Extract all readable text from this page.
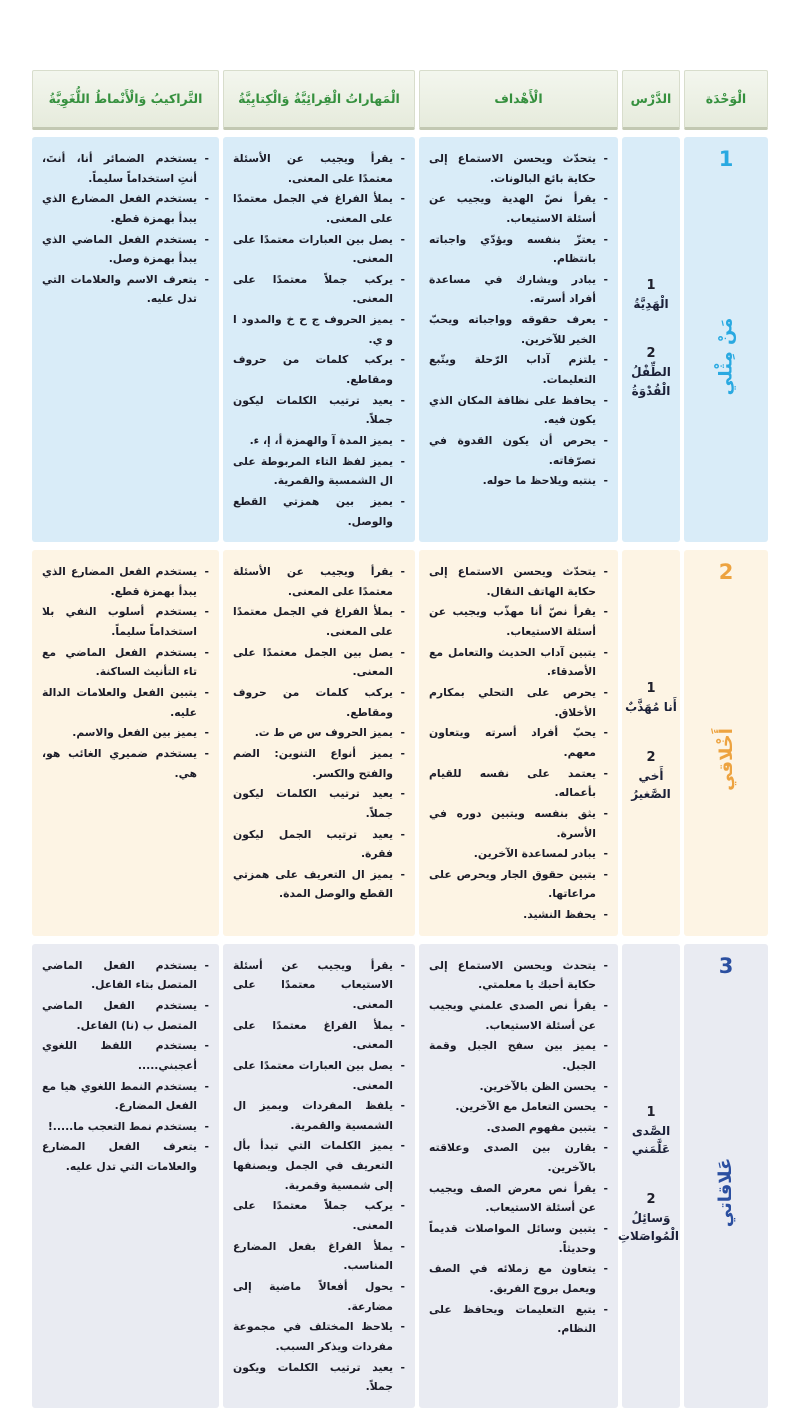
الْوَحْدَة
الدَّرْس
الْأَهْداف
الْمَهاراتُ الْقِرائِيَّةُ وَالْكِتابِيَّةُ
التَّراكيبُ وَالْأَنْماطُ اللُّغَوِيَّةُ
1
مَنْ مِثْلي
1
الْهَدِيَّةُ
2
الطِّفْلُ الْقُدْوَةُ
- يتحدّث ويحسن الاستماع إلى حكاية بائع البالونات.
- يقرأ نصّ الهدية ويجيب عن أسئلة الاستيعاب.
- يعتزّ بنفسه ويؤدّي واجباته بانتظام.
- يبادر ويشارك في مساعدة أفراد أسرته.
- يعرف حقوقه وواجباته ويحبّ الخير للآخرين.
- يلتزم آداب الرّحلة ويتّبع التعليمات.
- يحافظ على نظافة المكان الذي يكون فيه.
- يحرص أن يكون القدوة في تصرّفاته.
- ينتبه ويلاحظ ما حوله.
- يقرأ ويجيب عن الأسئلة معتمدًا على المعنى.
- يملأ الفراغ في الجمل معتمدًا على المعنى.
- يصل بين العبارات معتمدًا على المعنى.
- يركب جملاً معتمدًا على المعنى.
- يميز الحروف ج ح خ والمدود ا و ي.
- يركب كلمات من حروف ومقاطع.
- يعيد ترتيب الكلمات ليكون جملاً.
- يميز المدة آ والهمزة أ، إ، ء.
- يميز لفظ التاء المربوطة على ال الشمسية والقمرية.
- يميز بين همزتي القطع والوصل.
- يستخدم الضمائر أنا، أنتَ، أنتِ استخداماً سليماً.
- يستخدم الفعل المضارع الذي يبدأ بهمزة قطع.
- يستخدم الفعل الماضي الذي يبدأ بهمزة وصل.
- يتعرف الاسم والعلامات التي تدل عليه.
2
أَخْلاقي
1
أَنا مُهَذَّبٌ
2
أَخي الصَّغيرُ
- يتحدّث ويحسن الاستماع إلى حكاية الهاتف النقال.
- يقرأ نصّ أنا مهذّب ويجيب عن أسئلة الاستيعاب.
- يتبين آداب الحديث والتعامل مع الأصدقاء.
- يحرص على التحلي بمكارم الأخلاق.
- يحبّ أفراد أسرته ويتعاون معهم.
- يعتمد على نفسه للقيام بأعماله.
- يثق بنفسه ويتبين دوره في الأسرة.
- يبادر لمساعدة الآخرين.
- يتبين حقوق الجار ويحرص على مراعاتها.
- يحفظ النشيد.
- يقرأ ويجيب عن الأسئلة معتمدًا على المعنى.
- يملأ الفراغ في الجمل معتمدًا على المعنى.
- يصل بين الجمل معتمدًا على المعنى.
- يركب كلمات من حروف ومقاطع.
- يميز الحروف س ص ط ت.
- يميز أنواع التنوين: الضم والفتح والكسر.
- يعيد ترتيب الكلمات ليكون جملاً.
- يعيد ترتيب الجمل ليكون فقرة.
- يميز ال التعريف على همزتي القطع والوصل المدة.
- يستخدم الفعل المضارع الذي يبدأ بهمزة قطع.
- يستخدم أسلوب النفي بلا استخداماً سليماً.
- يستخدم الفعل الماضي مع تاء التأنيث الساكنة.
- يتبين الفعل والعلامات الدالة عليه.
- يميز بين الفعل والاسم.
- يستخدم ضميري الغائب هو، هي.
3
عَلاقاتي
1
الصَّدى عَلَّمَني
2
وَسائِلُ الْمُواصَلاتِ
- يتحدث ويحسن الاستماع إلى حكاية أحبك يا معلمتي.
- يقرأ نص الصدى علمني ويجيب عن أسئلة الاستيعاب.
- يميز بين سفح الجبل وقمة الجبل.
- يحسن الظن بالآخرين.
- يحسن التعامل مع الآخرين.
- يتبين مفهوم الصدى.
- يقارن بين الصدى وعلاقته بالآخرين.
- يقرأ نص معرض الصف ويجيب عن أسئلة الاستيعاب.
- يتبين وسائل المواصلات قديماً وحديثاً.
- يتعاون مع زملائه في الصف ويعمل بروح الفريق.
- يتبع التعليمات ويحافظ على النظام.
- يقرأ ويجيب عن أسئلة الاستيعاب معتمدًا على المعنى.
- يملأ الفراغ معتمدًا على المعنى.
- يصل بين العبارات معتمدًا على المعنى.
- يلفظ المفردات ويميز ال الشمسية والقمرية.
- يميز الكلمات التي تبدأ بأل التعريف في الجمل ويصنفها إلى شمسية وقمرية.
- يركب جملاً معتمدًا على المعنى.
- يملأ الفراغ بفعل المضارع المناسب.
- يحول أفعالاً ماضية إلى مضارعة.
- يلاحظ المختلف في مجموعة مفردات ويذكر السبب.
- يعيد ترتيب الكلمات ويكون جملاً.
- يستخدم الفعل الماضي المتصل بتاء الفاعل.
- يستخدم الفعل الماضي المتصل ب (نا) الفاعل.
- يستخدم اللفظ اللغوي أعجبني.....
- يستخدم النمط اللغوي هيا مع الفعل المضارع.
- يستخدم نمط التعجب ما.....!
- يتعرف الفعل المضارع والعلامات التي تدل عليه.
